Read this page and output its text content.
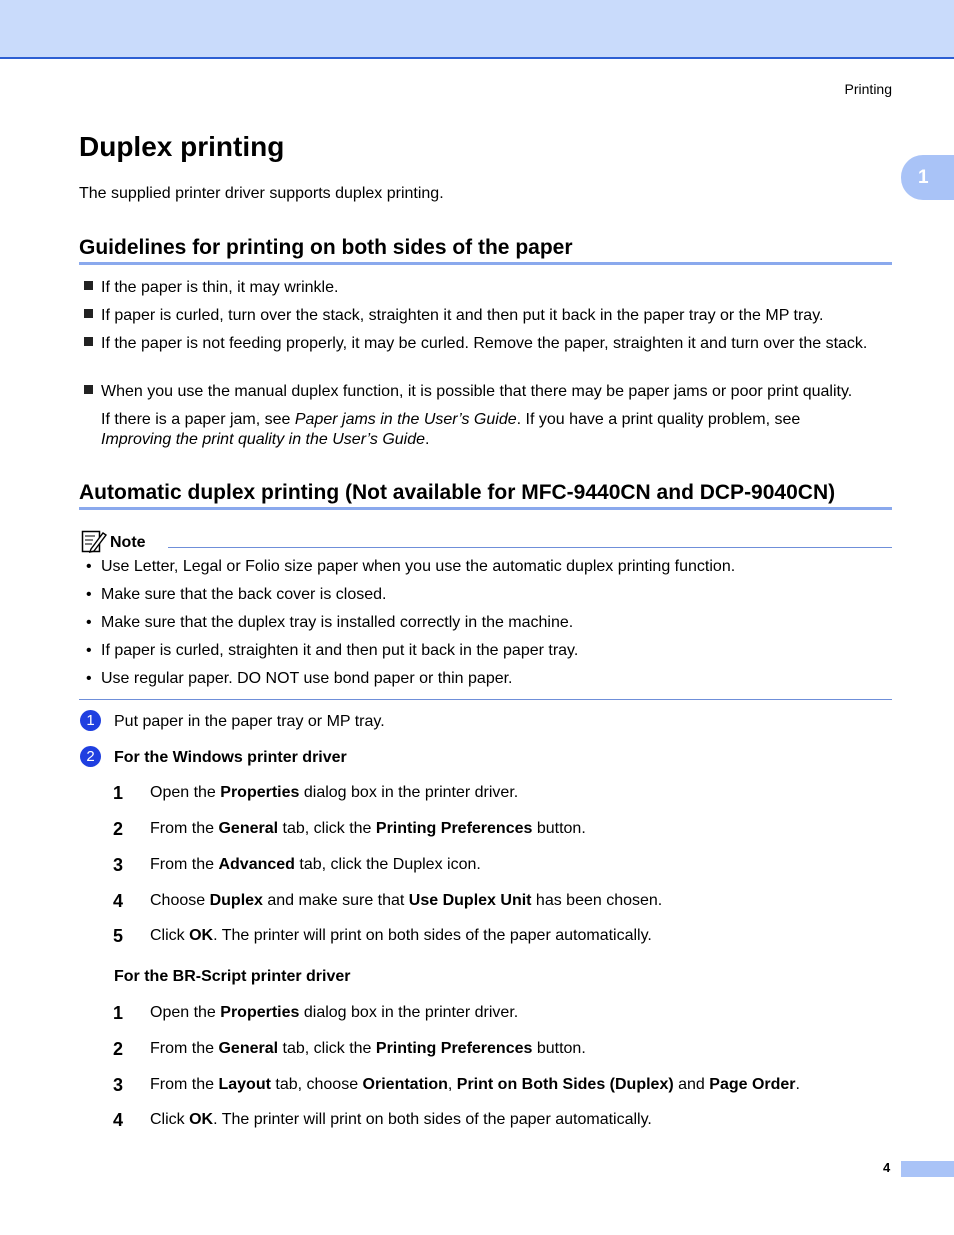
Printing
1
Duplex printing
The supplied printer driver supports duplex printing.
Guidelines for printing on both sides of the paper
If the paper is thin, it may wrinkle.
If paper is curled, turn over the stack, straighten it and then put it back in the paper tray or the MP tray.
If the paper is not feeding properly, it may be curled. Remove the paper, straighten it and turn over the stack.
When you use the manual duplex function, it is possible that there may be paper jams or poor print quality.
If there is a paper jam, see Paper jams in the User’s Guide. If you have a print quality problem, see Improving the print quality in the User’s Guide.
Automatic duplex printing (Not available for MFC-9440CN and DCP-9040CN)
Note
• Use Letter, Legal or Folio size paper when you use the automatic duplex printing function.
• Make sure that the back cover is closed.
• Make sure that the duplex tray is installed correctly in the machine.
• If paper is curled, straighten it and then put it back in the paper tray.
• Use regular paper. DO NOT use bond paper or thin paper.
1	Put paper in the paper tray or MP tray.
2	For the Windows printer driver
1 Open the Properties dialog box in the printer driver.
2 From the General tab, click the Printing Preferences button.
3 From the Advanced tab, click the Duplex icon.
4 Choose Duplex and make sure that Use Duplex Unit has been chosen.
5 Click OK. The printer will print on both sides of the paper automatically.
For the BR-Script printer driver
1 Open the Properties dialog box in the printer driver.
2 From the General tab, click the Printing Preferences button.
3 From the Layout tab, choose Orientation, Print on Both Sides (Duplex) and Page Order.
4 Click OK. The printer will print on both sides of the paper automatically.
4
